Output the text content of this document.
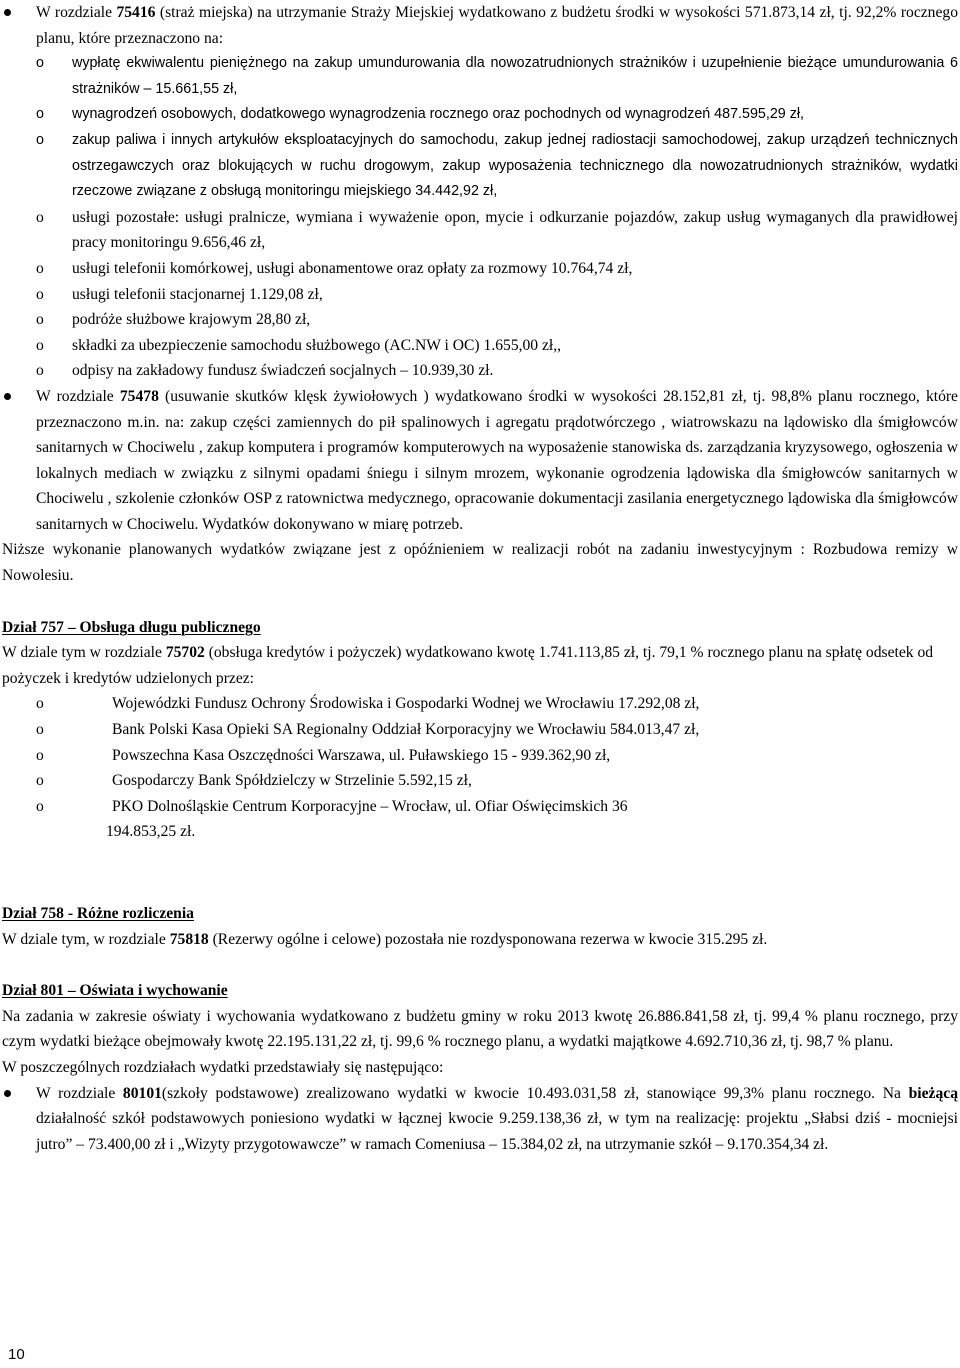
W rozdziale 75416 (straż miejska) na utrzymanie Straży Miejskiej wydatkowano z budżetu środki w wysokości 571.873,14 zł, tj. 92,2% rocznego planu, które przeznaczono na:
o wypłatę ekwiwalentu pieniężnego na zakup umundurowania dla nowozatrudnionych strażników i uzupełnienie bieżące umundurowania 6 strażników – 15.661,55 zł,
o wynagrodzeń osobowych, dodatkowego wynagrodzenia rocznego oraz pochodnych od wynagrodzeń 487.595,29 zł,
o zakup paliwa i innych artykułów eksploatacyjnych do samochodu, zakup jednej radiostacji samochodowej, zakup urządzeń technicznych ostrzegawczych oraz blokujących w ruchu drogowym, zakup wyposażenia technicznego dla nowozatrudnionych strażników, wydatki rzeczowe związane z obsługą monitoringu miejskiego 34.442,92 zł,
o usługi pozostałe: usługi pralnicze, wymiana i wyważenie opon, mycie i odkurzanie pojazdów, zakup usług wymaganych dla prawidłowej pracy monitoringu 9.656,46 zł,
o usługi telefonii komórkowej, usługi abonamentowe oraz opłaty za rozmowy 10.764,74 zł,
o usługi telefonii stacjonarnej 1.129,08 zł,
o podróże służbowe krajowym 28,80 zł,
o składki za ubezpieczenie samochodu służbowego (AC.NW i OC) 1.655,00 zł,,
o odpisy na zakładowy fundusz świadczeń socjalnych – 10.939,30 zł.
W rozdziale 75478 (usuwanie skutków klęsk żywiołowych ) wydatkowano środki w wysokości 28.152,81 zł, tj. 98,8% planu rocznego, które przeznaczono m.in. na: zakup części zamiennych do pił spalinowych i agregatu prądotwórczego , wiatrowskazu na lądowisko dla śmigłowców sanitarnych w Chociwelu , zakup komputera i programów komputerowych na wyposażenie stanowiska ds. zarządzania kryzysowego, ogłoszenia w lokalnych mediach w związku z silnymi opadami śniegu i silnym mrozem, wykonanie ogrodzenia lądowiska dla śmigłowców sanitarnych w Chociwelu , szkolenie członków OSP z ratownictwa medycznego, opracowanie dokumentacji zasilania energetycznego lądowiska dla śmigłowców sanitarnych w Chociwelu. Wydatków dokonywano w miarę potrzeb.

Niższe wykonanie planowanych wydatków związane jest z opóźnieniem w realizacji robót na zadaniu inwestycyjnym : Rozbudowa remizy w Nowolesiu.

Dział 757 – Obsługa długu publicznego

W dziale tym w rozdziale 75702 (obsługa kredytów i pożyczek) wydatkowano kwotę 1.741.113,85 zł, tj. 79,1 % rocznego planu na spłatę odsetek od pożyczek i kredytów udzielonych przez:

o	Wojewódzki Fundusz Ochrony Środowiska i Gospodarki Wodnej we Wrocławiu 17.292,08 zł,
o	Bank Polski Kasa Opieki SA Regionalny Oddział Korporacyjny we Wrocławiu 584.013,47 zł,
o	Powszechna Kasa Oszczędności Warszawa, ul. Puławskiego 15 - 939.362,90 zł,
o	Gospodarczy Bank Spółdzielczy w Strzelinie 5.592,15 zł,
o	PKO Dolnośląskie Centrum Korporacyjne – Wrocław, ul. Ofiar Oświęcimskich 36

194.853,25 zł.

Dział 758 - Różne rozliczenia

W dziale tym, w rozdziale 75818 (Rezerwy ogólne i celowe) pozostała nie rozdysponowana rezerwa w kwocie 315.295 zł.

Dział 801 – Oświata i wychowanie

Na zadania w zakresie oświaty i wychowania wydatkowano z budżetu gminy w roku 2013 kwotę 26.886.841,58 zł, tj. 99,4 % planu rocznego, przy czym wydatki bieżące obejmowały kwotę 22.195.131,22 zł, tj. 99,6 % rocznego planu, a wydatki majątkowe 4.692.710,36 zł, tj. 98,7 % planu.

W poszczególnych rozdziałach wydatki przedstawiały się następująco:

W rozdziale 80101(szkoły podstawowe) zrealizowano wydatki w kwocie 10.493.031,58 zł, stanowiące 99,3% planu rocznego. Na bieżącą działalność szkół podstawowych poniesiono wydatki w łącznej kwocie 9.259.138,36 zł, w tym na realizację: projektu „Słabsi dziś - mocniejsi jutro” – 73.400,00 zł i „Wizyty przygotowawcze” w ramach Comeniusa – 15.384,02 zł, na utrzymanie szkół – 9.170.354,34 zł.
10
